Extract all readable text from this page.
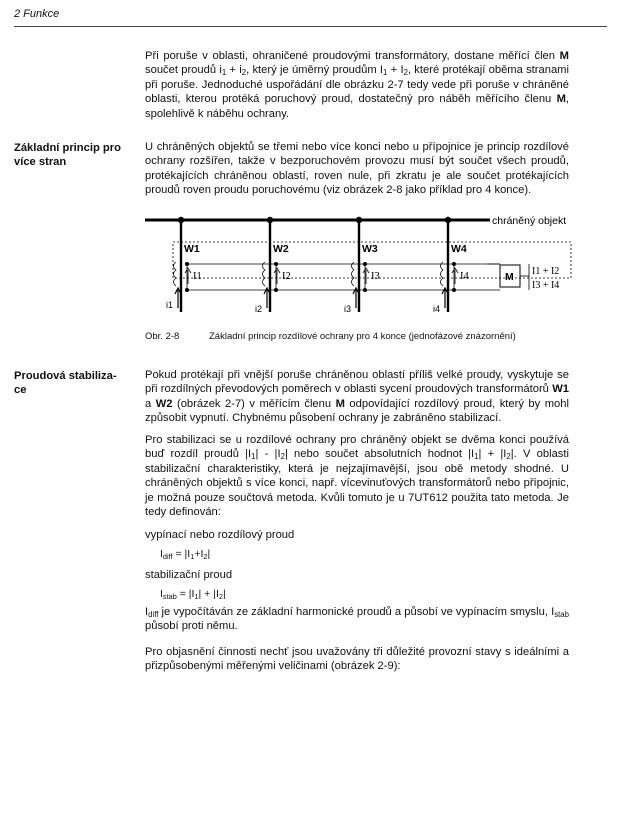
2 Funkce
Při poruše v oblasti, ohraničené proudovými transformátory, dostane měřící člen M součet proudů $i_1 + i_2$, který je úměrný proudům $I_1 + I_2$, které protékají oběma stranami při poruše. Jednoduché uspořádání dle obrázku 2-7 tedy vede při poruše v chráněné oblasti, kterou protéká poruchový proud, dostatečný pro náběh měřícího členu M, spolehlivě k náběhu ochrany.
Základní princip pro
více stran
U chráněných objektů se třemi nebo více konci nebo u přípojnice je princip rozdílové ochrany rozšířen, takže v bezporuchovém provozu musí být součet všech proudů, protékajících chráněnou oblastí, roven nule, při zkratu je ale součet protékajících proudů roven proudu poruchovému (viz obrázek 2-8 jako příklad pro 4 konce).
chráněný objekt
W1	W2	W3	W4
I1	I2	I3	I4
i1	i2	i3	i4
M I1 + I2
I3 + I4
Obr. 2-8	Základní princip rozdílové ochrany pro 4 konce (jednofázové znázornění)
Proudová stabiliza-
ce
Pokud protékají při vnější poruše chráněnou oblastí příliš velké proudy, vyskytuje se při rozdílných převodových poměrech v oblasti sycení proudových transformátorů W1 a W2 (obrázek 2-7) v měřícím členu M odpovídající rozdílový proud, který by mohl způsobit vypnutí. Chybnému působení ochrany je zabráněno stabilizací.
Pro stabilizaci se u rozdílové ochrany pro chráněný objekt se dvěma konci používá buď rozdíl proudů $|I_1| - |I_2|$ nebo součet absolutních hodnot $|I_1| + |I_2|$. V oblasti stabilizační charakteristiky, která je nejzajímavější, jsou obě metody shodné. U chráněných objektů s více konci, např. vícevinuťových transformátorů nebo přípojnic, je možná pouze součtová metoda. Kvůli tomuto je u 7UT612 použita tato metoda. Je tedy definován:
vypínací nebo rozdílový proud
$I_{diff} = |I_1+I_2|$
stabilizační proud
$I_{stab} = |I_1| + |I_2|$
$I_{diff}$ je vypočítáván ze základní harmonické proudů a působí ve vypínacím smyslu, $I_{stab}$ působí proti němu.
Pro objasnění činnosti nechť jsou uvažovány tři důležité provozní stavy s ideálními a přizpůsobenými měřenými veličinami (obrázek 2-9):
